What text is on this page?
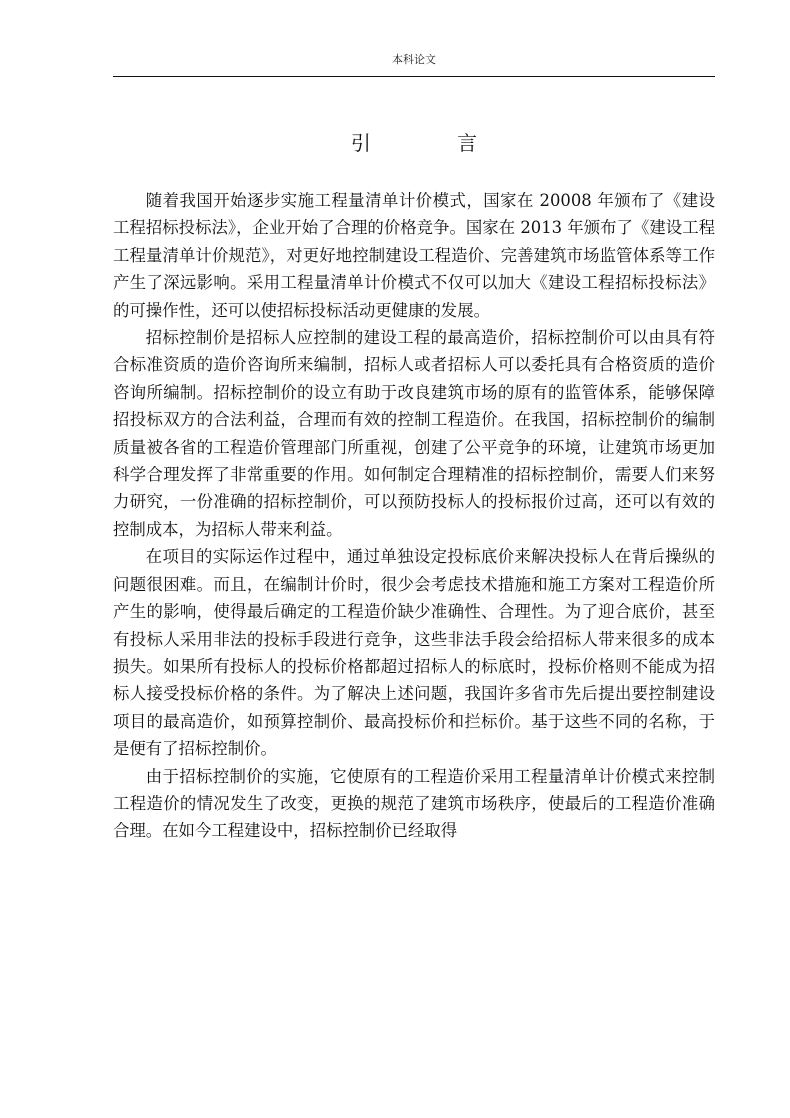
本科论文
引 言

随着我国开始逐步实施工程量清单计价模式，国家在 20008 年颁布了《建设工程招标投标法》，企业开始了合理的价格竞争。国家在 2013 年颁布了《建设工程工程量清单计价规范》，对更好地控制建设工程造价、完善建筑市场监管体系等工作产生了深远影响。采用工程量清单计价模式不仅可以加大《建设工程招标投标法》的可操作性，还可以使招标投标活动更健康的发展。

招标控制价是招标人应控制的建设工程的最高造价，招标控制价可以由具有符合标准资质的造价咨询所来编制，招标人或者招标人可以委托具有合格资质的造价咨询所编制。招标控制价的设立有助于改良建筑市场的原有的监管体系，能够保障招投标双方的合法利益，合理而有效的控制工程造价。在我国，招标控制价的编制质量被各省的工程造价管理部门所重视，创建了公平竞争的环境，让建筑市场更加科学合理发挥了非常重要的作用。如何制定合理精准的招标控制价，需要人们来努力研究，一份准确的招标控制价，可以预防投标人的投标报价过高，还可以有效的控制成本，为招标人带来利益。

在项目的实际运作过程中，通过单独设定投标底价来解决投标人在背后操纵的问题很困难。而且，在编制计价时，很少会考虑技术措施和施工方案对工程造价所产生的影响，使得最后确定的工程造价缺少准确性、合理性。为了迎合底价，甚至有投标人采用非法的投标手段进行竞争，这些非法手段会给招标人带来很多的成本损失。如果所有投标人的投标价格都超过招标人的标底时，投标价格则不能成为招标人接受投标价格的条件。为了解决上述问题，我国许多省市先后提出要控制建设项目的最高造价，如预算控制价、最高投标价和拦标价。基于这些不同的名称，于是便有了招标控制价。

由于招标控制价的实施，它使原有的工程造价采用工程量清单计价模式来控制工程造价的情况发生了改变，更换的规范了建筑市场秩序，使最后的工程造价准确合理。在如今工程建设中，招标控制价已经取得
